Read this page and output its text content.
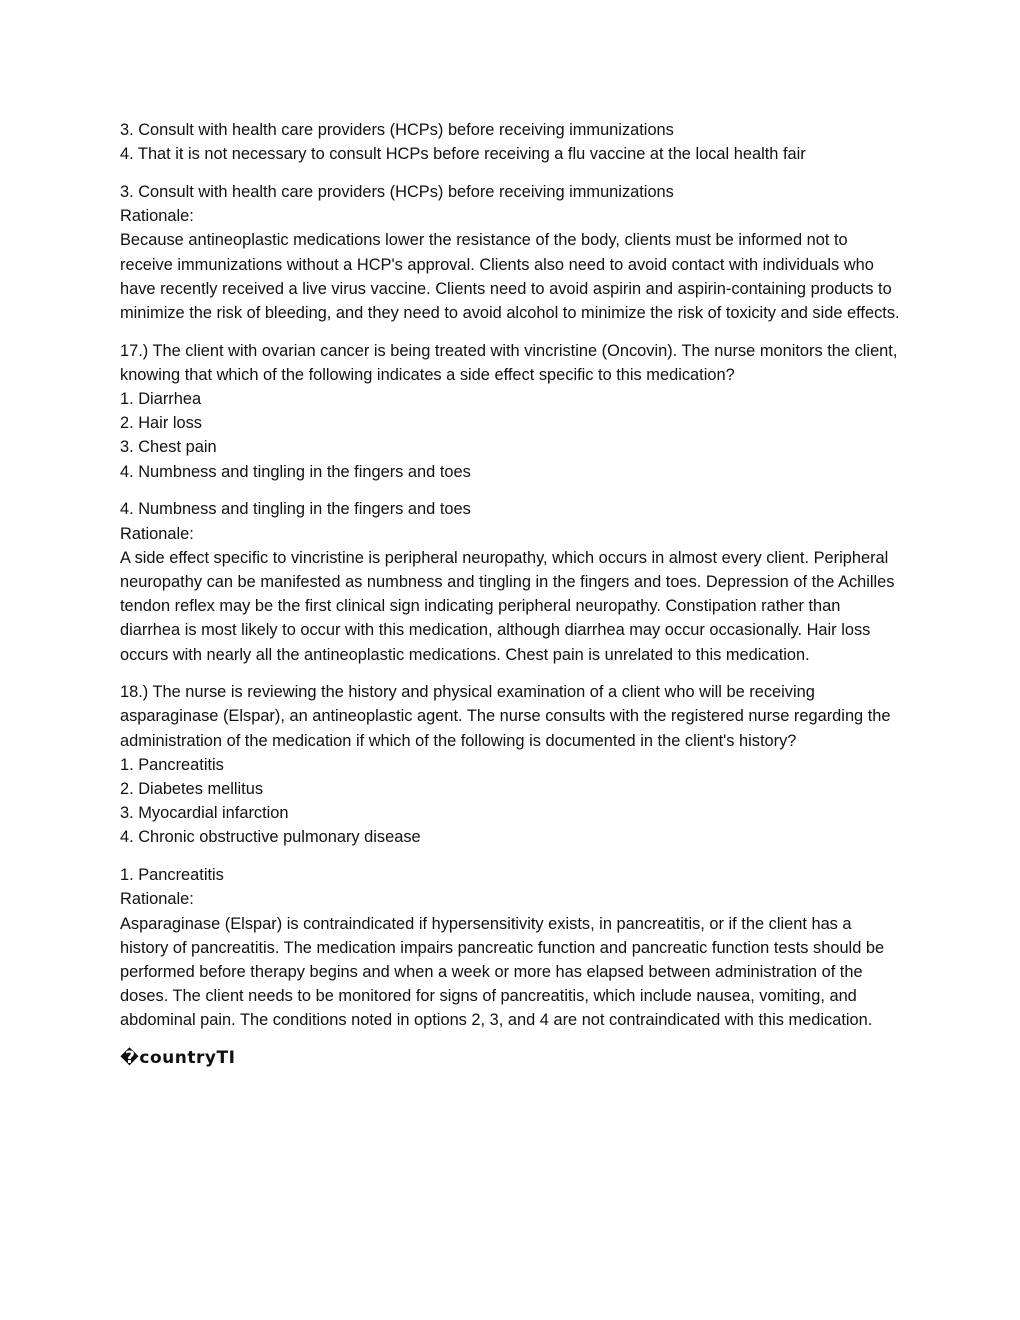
3. Consult with health care providers (HCPs) before receiving immunizations
4. That it is not necessary to consult HCPs before receiving a flu vaccine at the local health fair
3. Consult with health care providers (HCPs) before receiving immunizations
Rationale:
Because antineoplastic medications lower the resistance of the body, clients must be informed not to receive immunizations without a HCP's approval. Clients also need to avoid contact with individuals who have recently received a live virus vaccine. Clients need to avoid aspirin and aspirin-containing products to minimize the risk of bleeding, and they need to avoid alcohol to minimize the risk of toxicity and side effects.
17.) The client with ovarian cancer is being treated with vincristine (Oncovin). The nurse monitors the client, knowing that which of the following indicates a side effect specific to this medication?
1. Diarrhea
2. Hair loss
3. Chest pain
4. Numbness and tingling in the fingers and toes
4. Numbness and tingling in the fingers and toes
Rationale:
A side effect specific to vincristine is peripheral neuropathy, which occurs in almost every client. Peripheral neuropathy can be manifested as numbness and tingling in the fingers and toes. Depression of the Achilles tendon reflex may be the first clinical sign indicating peripheral neuropathy. Constipation rather than diarrhea is most likely to occur with this medication, although diarrhea may occur occasionally. Hair loss occurs with nearly all the antineoplastic medications. Chest pain is unrelated to this medication.
18.) The nurse is reviewing the history and physical examination of a client who will be receiving asparaginase (Elspar), an antineoplastic agent. The nurse consults with the registered nurse regarding the administration of the medication if which of the following is documented in the client's history?
1. Pancreatitis
2. Diabetes mellitus
3. Myocardial infarction
4. Chronic obstructive pulmonary disease
1. Pancreatitis
Rationale:
Asparaginase (Elspar) is contraindicated if hypersensitivity exists, in pancreatitis, or if the client has a history of pancreatitis. The medication impairs pancreatic function and pancreatic function tests should be performed before therapy begins and when a week or more has elapsed between administration of the doses. The client needs to be monitored for signs of pancreatitis, which include nausea, vomiting, and abdominal pain. The conditions noted in options 2, 3, and 4 are not contraindicated with this medication.
�countryTI
